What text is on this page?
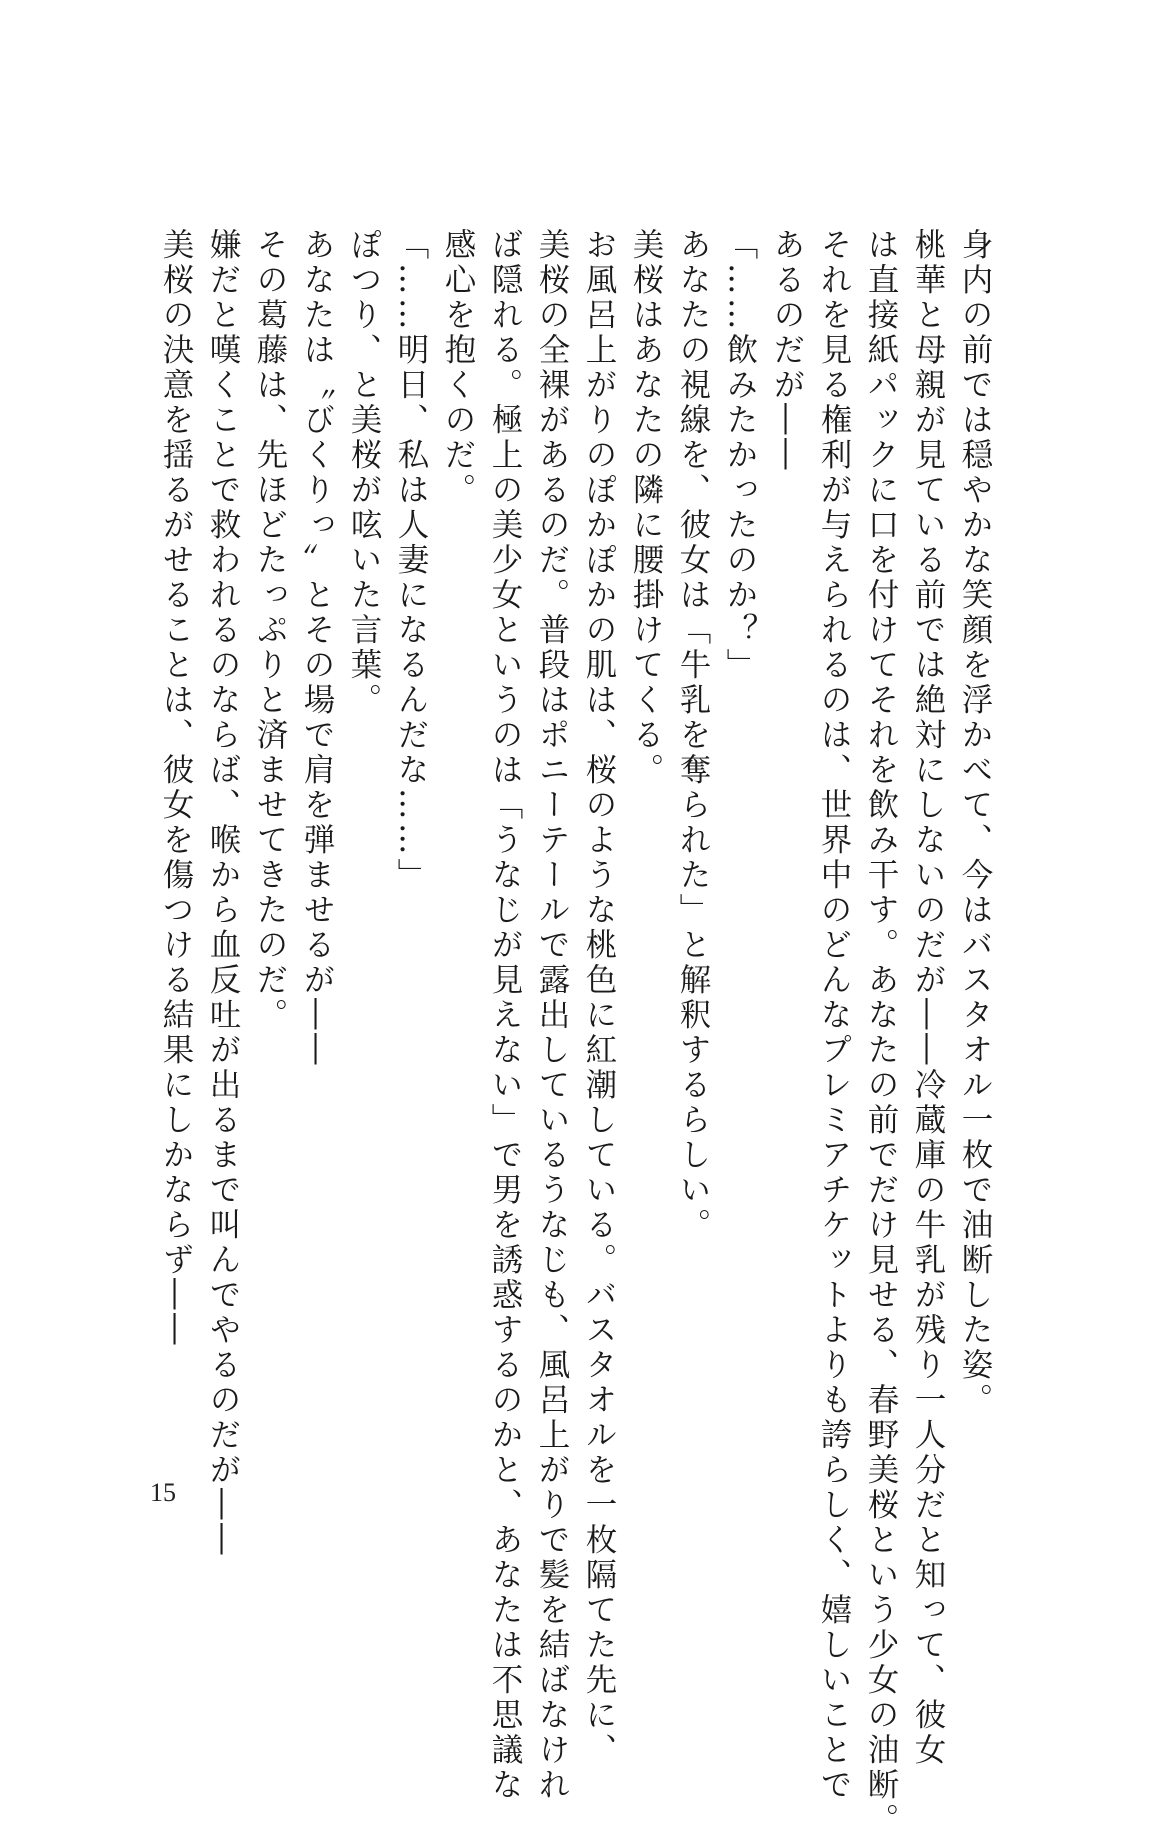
身内の前では穏やかな笑顔を浮かべて、今はバスタオル一枚で油断した姿。
桃華と母親が見ている前では絶対にしないのだが――冷蔵庫の牛乳が残り一人分だと知って、彼女
は直接紙パックに口を付けてそれを飲み干す。あなたの前でだけ見せる、春野美桜という少女の油断。
それを見る権利が与えられるのは、世界中のどんなプレミアチケットよりも誇らしく、嬉しいことで
あるのだが――
「……飲みたかったのか？」
あなたの視線を、彼女は「牛乳を奪られた」と解釈するらしい。
美桜はあなたの隣に腰掛けてくる。
お風呂上がりのぽかぽかの肌は、桜のような桃色に紅潮している。バスタオルを一枚隔てた先に、
美桜の全裸があるのだ。普段はポニーテールで露出しているうなじも、風呂上がりで髪を結ばなけれ
ば隠れる。極上の美少女というのは「うなじが見えない」で男を誘惑するのかと、あなたは不思議な
感心を抱くのだ。
「……明日、私は人妻になるんだな……」
ぽつり、と美桜が呟いた言葉。
あなたは〝びくりっ〟とその場で肩を弾ませるが――
その葛藤は、先ほどたっぷりと済ませてきたのだ。
嫌だと嘆くことで救われるのならば、喉から血反吐が出るまで叫んでやるのだが――
美桜の決意を揺るがせることは、彼女を傷つける結果にしかならず――
15
